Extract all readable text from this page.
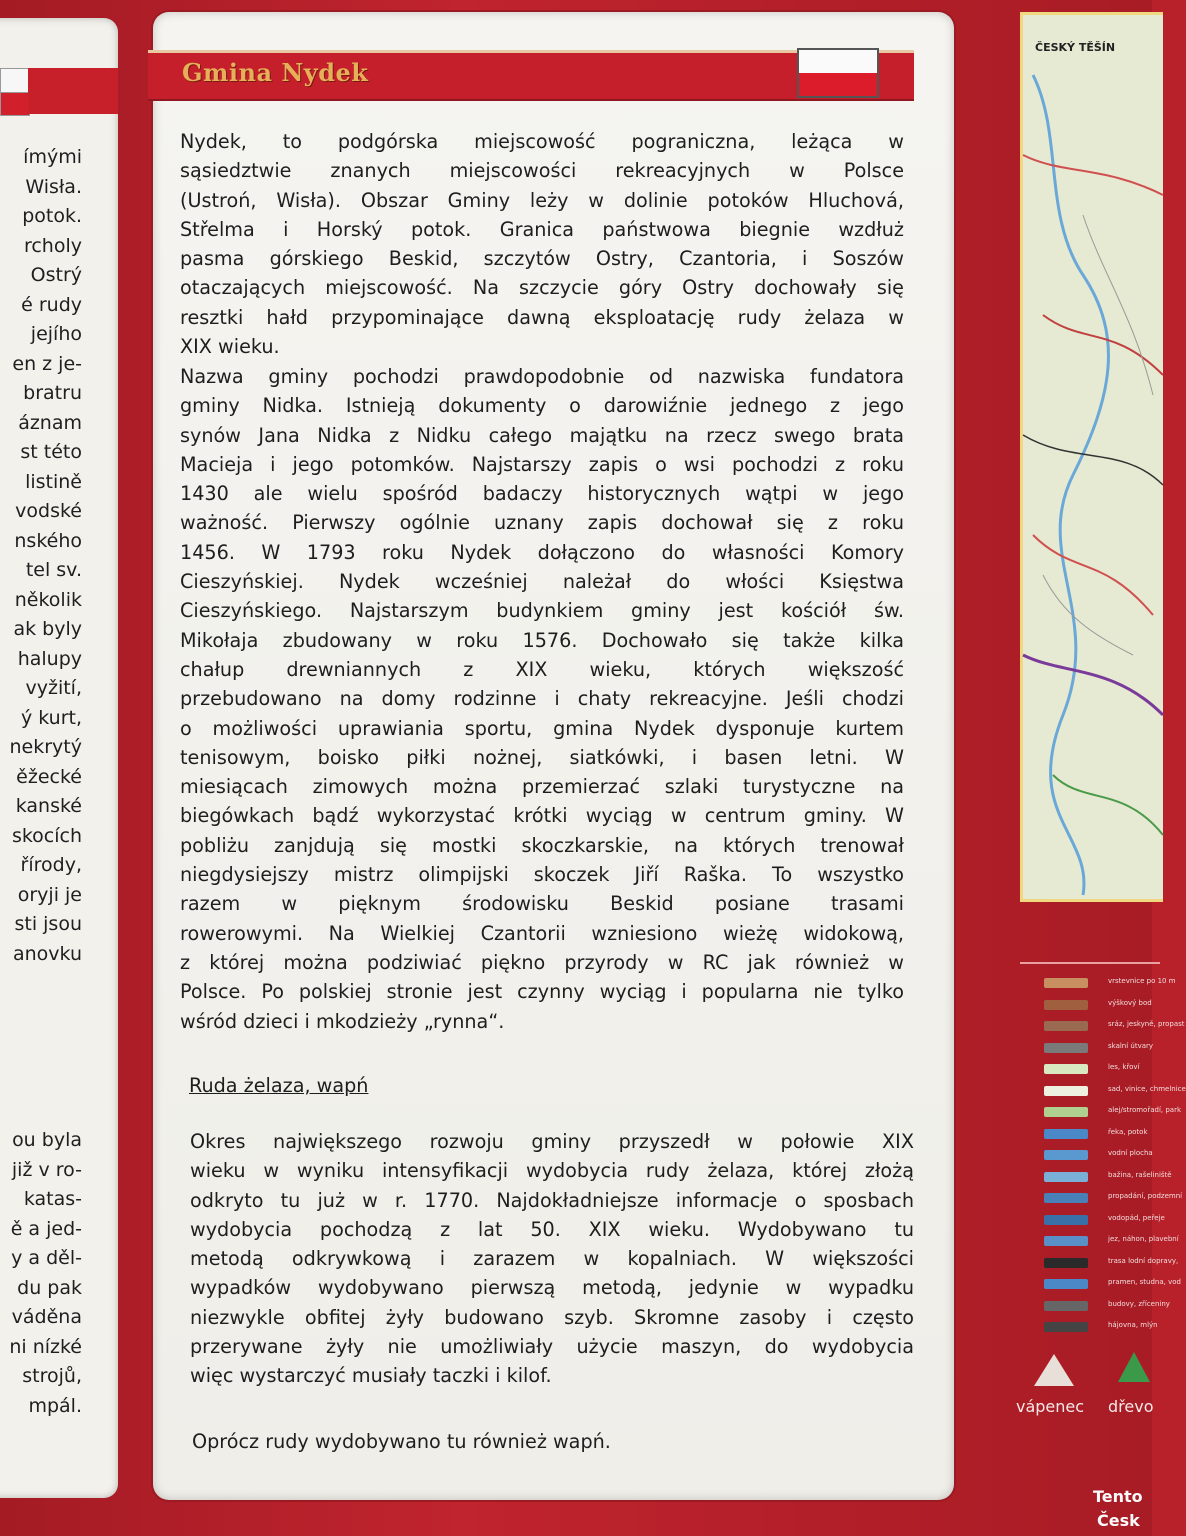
ímými
Wisła.
potok.
rcholy
Ostrý
é rudy
jejího
en z je-
bratru
áznam
st této
listině
vodské
nského
tel sv.
několik
ak byly
halupy
vyžití,
ý kurt,
nekrytý
ěžecké
kanské
skocích
řírody,
oryji je
sti jsou
anovku
ou byla
již v ro-
katas-
ě a jed-
y a děl-
du pak
váděna
ni nízké
strojů,
mpál.
Gmina Nydek
Nydek, to podgórska miejscowość pograniczna, leżąca w
sąsiedztwie znanych miejscowości rekreacyjnych w Polsce
(Ustroń, Wisła). Obszar Gminy leży w dolinie potoków Hluchová,
Střelma i Horský potok. Granica państwowa biegnie wzdłuż
pasma górskiego Beskid, szczytów Ostry, Czantoria, i Soszów
otaczających miejscowość. Na szczycie góry Ostry dochowały się
resztki hałd przypominające dawną eksploatację rudy żelaza w
XIX wieku.
Nazwa gminy pochodzi prawdopodobnie od nazwiska fundatora
gminy Nidka. Istnieją dokumenty o darowiźnie jednego z jego
synów Jana Nidka z Nidku całego majątku na rzecz swego brata
Macieja i jego potomków. Najstarszy zapis o wsi pochodzi z roku
1430 ale wielu spośród badaczy historycznych wątpi w jego
ważność. Pierwszy ogólnie uznany zapis dochował się z roku
1456. W 1793 roku Nydek dołączono do własności Komory
Cieszyńskiej. Nydek wcześniej należał do włości Księstwa
Cieszyńskiego. Najstarszym budynkiem gminy jest kościół św.
Mikołaja zbudowany w roku 1576. Dochowało się także kilka
chałup drewniannych z XIX wieku, których większość
przebudowano na domy rodzinne i chaty rekreacyjne. Jeśli chodzi
o możliwości uprawiania sportu, gmina Nydek dysponuje kurtem
tenisowym, boisko piłki nożnej, siatkówki, i basen letni. W
miesiącach zimowych można przemierzać szlaki turystyczne na
biegówkach bądź wykorzystać krótki wyciąg w centrum gminy. W
pobliżu zanjdują się mostki skoczkarskie, na których trenował
niegdysiejszy mistrz olimpijski skoczek Jiří Raška. To wszystko
razem w pięknym środowisku Beskid posiane trasami
rowerowymi. Na Wielkiej Czantorii wzniesiono wieżę widokową,
z której można podziwiać piękno przyrody w RC jak również w
Polsce. Po polskiej stronie jest czynny wyciąg i popularna nie tylko
wśród dzieci i mkodzieży „rynna“.
Ruda żelaza, wapń
Okres największego rozwoju gminy przyszedł w połowie XIX
wieku w wyniku intensyfikacji wydobycia rudy żelaza, której złożą
odkryto tu już w r. 1770. Najdokładniejsze informacje o sposbach
wydobycia pochodzą z lat 50. XIX wieku. Wydobywano tu
metodą odkrywkową i zarazem w kopalniach. W większości
wypadków wydobywano pierwszą metodą, jedynie w wypadku
niezwykle obfitej żyły budowano szyb. Skromne zasoby i często
przerywane żyły nie umożliwiały użycie maszyn, do wydobycia
więc wystarczyć musiały taczki i kilof.
Oprócz rudy wydobywano tu również wapń.
ČESKÝ TĚŠÍN
vrstevnice po 10 m
výškový bod
sráz, jeskyně, propast
skalní útvary
les, křoví
sad, vinice, chmelnice
alej/stromořadí, park
řeka, potok
vodní plocha
bažina, rašeliniště
propadání, podzemní
vodopád, peřeje
jez, náhon, plavební
trasa lodní dopravy,
pramen, studna, vod
budovy, zříceniny
hájovna, mlýn
vápenec dřevo
Tento
Česk
